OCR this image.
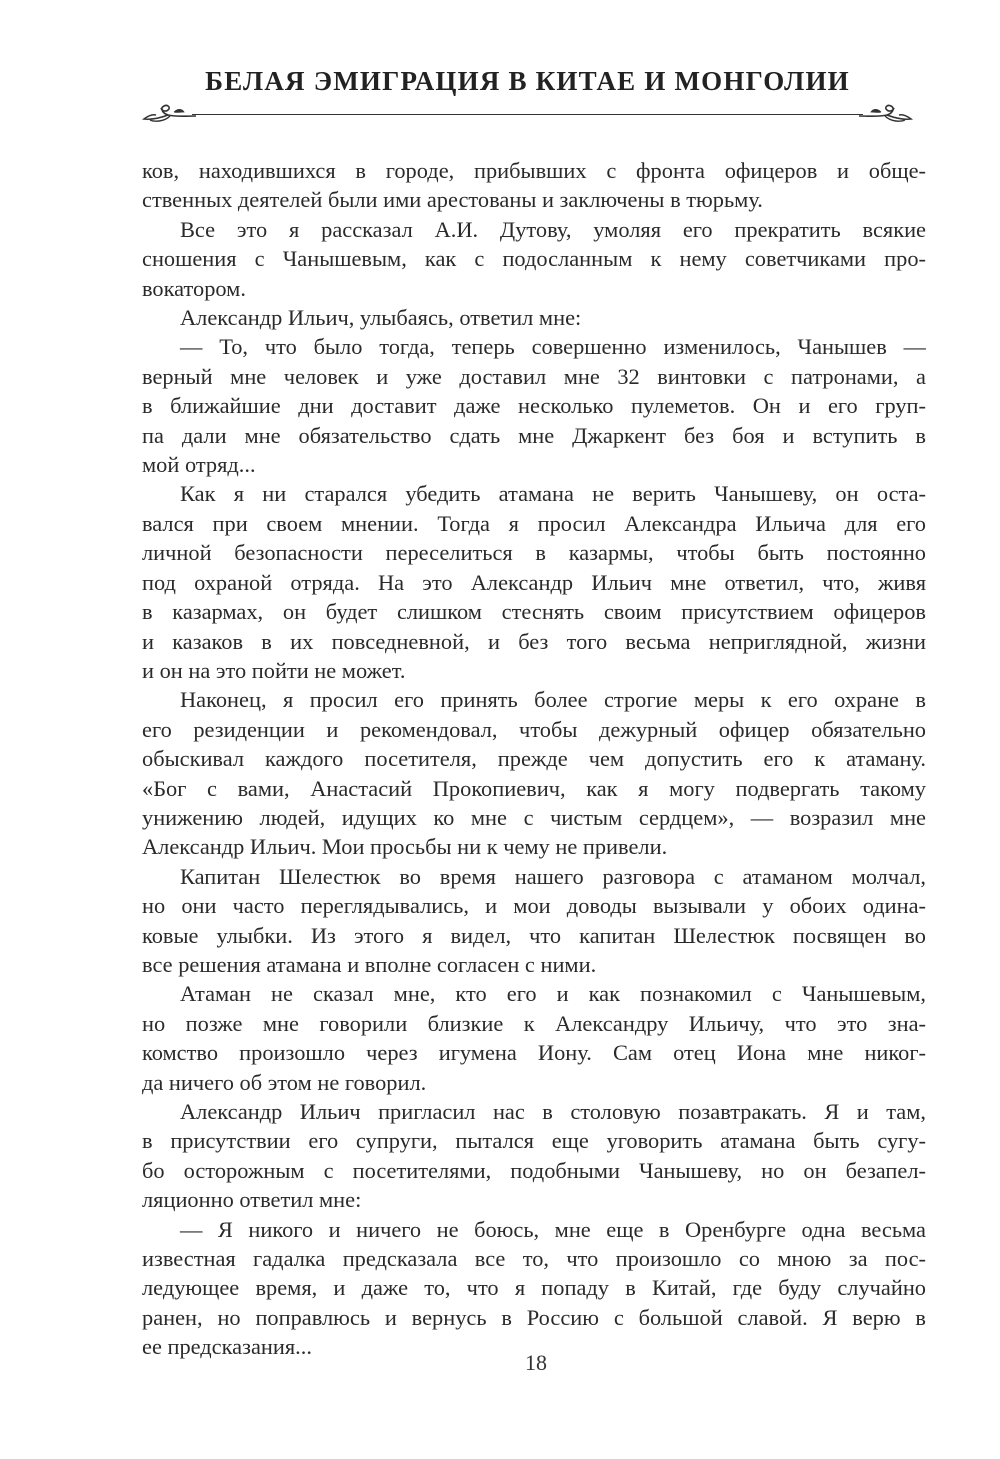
БЕЛАЯ ЭМИГРАЦИЯ В КИТАЕ И МОНГОЛИИ
ков, находившихся в городе, прибывших с фронта офицеров и обще-
ственных деятелей были ими арестованы и заключены в тюрьму.
Все это я рассказал А.И. Дутову, умоляя его прекратить всякие
сношения с Чанышевым, как с подосланным к нему советчиками про-
вокатором.
Александр Ильич, улыбаясь, ответил мне:
— То, что было тогда, теперь совершенно изменилось, Чанышев —
верный мне человек и уже доставил мне 32 винтовки с патронами, а
в ближайшие дни доставит даже несколько пулеметов. Он и его груп-
па дали мне обязательство сдать мне Джаркент без боя и вступить в
мой отряд...
Как я ни старался убедить атамана не верить Чанышеву, он оста-
вался при своем мнении. Тогда я просил Александра Ильича для его
личной безопасности переселиться в казармы, чтобы быть постоянно
под охраной отряда. На это Александр Ильич мне ответил, что, живя
в казармах, он будет слишком стеснять своим присутствием офицеров
и казаков в их повседневной, и без того весьма неприглядной, жизни
и он на это пойти не может.
Наконец, я просил его принять более строгие меры к его охране в
его резиденции и рекомендовал, чтобы дежурный офицер обязательно
обыскивал каждого посетителя, прежде чем допустить его к атаману.
«Бог с вами, Анастасий Прокопиевич, как я могу подвергать такому
унижению людей, идущих ко мне с чистым сердцем», — возразил мне
Александр Ильич. Мои просьбы ни к чему не привели.
Капитан Шелестюк во время нашего разговора с атаманом молчал,
но они часто переглядывались, и мои доводы вызывали у обоих одина-
ковые улыбки. Из этого я видел, что капитан Шелестюк посвящен во
все решения атамана и вполне согласен с ними.
Атаман не сказал мне, кто его и как познакомил с Чанышевым,
но позже мне говорили близкие к Александру Ильичу, что это зна-
комство произошло через игумена Иону. Сам отец Иона мне никог-
да ничего об этом не говорил.
Александр Ильич пригласил нас в столовую позавтракать. Я и там,
в присутствии его супруги, пытался еще уговорить атамана быть сугу-
бо осторожным с посетителями, подобными Чанышеву, но он безапел-
ляционно ответил мне:
— Я никого и ничего не боюсь, мне еще в Оренбурге одна весьма
известная гадалка предсказала все то, что произошло со мною за пос-
ледующее время, и даже то, что я попаду в Китай, где буду случайно
ранен, но поправлюсь и вернусь в Россию с большой славой. Я верю в
ее предсказания...
18
